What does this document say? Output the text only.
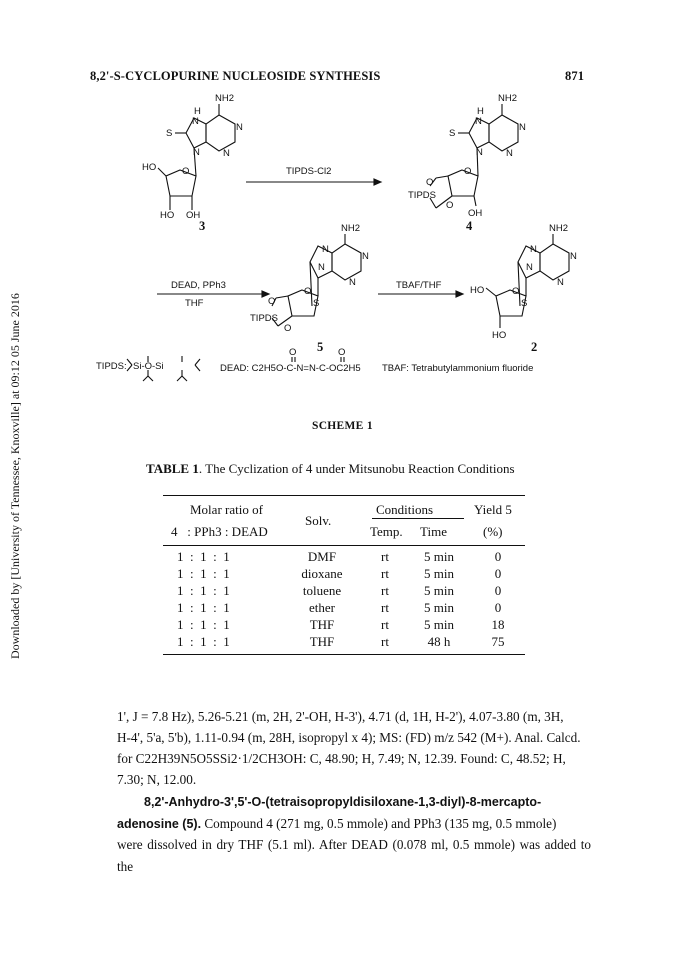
Downloaded by [University of Tennessee, Knoxville] at 09:12 05 June 2016
8,2'-S-CYCLOPURINE NUCLEOSIDE SYNTHESIS	871
NH2
H
N
N
N
N
S
O
HO
HO OH
NH2
H
N
N
N
N
S
O
O
TIPDS
O
OH
NH2
N
N
N
N
S
O
O
TIPDS
O
NH2
N
N
N
N
S
O
HO
HO
TIPDS-Cl2
DEAD, PPh3
THF
TBAF/THF
TIPDS: Si-O-Si
O	O
DEAD: C2H5O-C-N=N-C-OC2H5 TBAF: Tetrabutylammonium fluoride
3	4
5	2
SCHEME 1
TABLE 1. The Cyclization of 4 under Mitsunobu Reaction Conditions
Molar ratio of
4   : PPh3 : DEAD
Solv.
Conditions
Temp. Time
Yield 5
(%)
1  :  1  :  1	DMF	rt	5 min	0
1  :  1  :  1	dioxane	rt	5 min	0
1  :  1  :  1	toluene	rt	5 min	0
1  :  1  :  1	ether	rt	5 min	0
1  :  1  :  1	THF	rt	5 min	18
1  :  1  :  1	THF	rt	48 h	75
1', J = 7.8 Hz), 5.26-5.21 (m, 2H, 2'-OH, H-3'), 4.71 (d, 1H, H-2'), 4.07-3.80 (m, 3H,
H-4', 5'a, 5'b), 1.11-0.94 (m, 28H, isopropyl x 4); MS: (FD) m/z 542 (M+). Anal. Calcd.
for C22H39N5O5SSi2·1/2CH3OH: C, 48.90; H, 7.49; N, 12.39. Found: C, 48.52; H,
7.30; N, 12.00.
8,2'-Anhydro-3',5'-O-(tetraisopropyldisiloxane-1,3-diyl)-8-mercapto-
adenosine (5). Compound 4 (271 mg, 0.5 mmole) and PPh3 (135 mg, 0.5 mmole)
were dissolved in dry THF (5.1 ml). After DEAD (0.078 ml, 0.5 mmole) was added to the
